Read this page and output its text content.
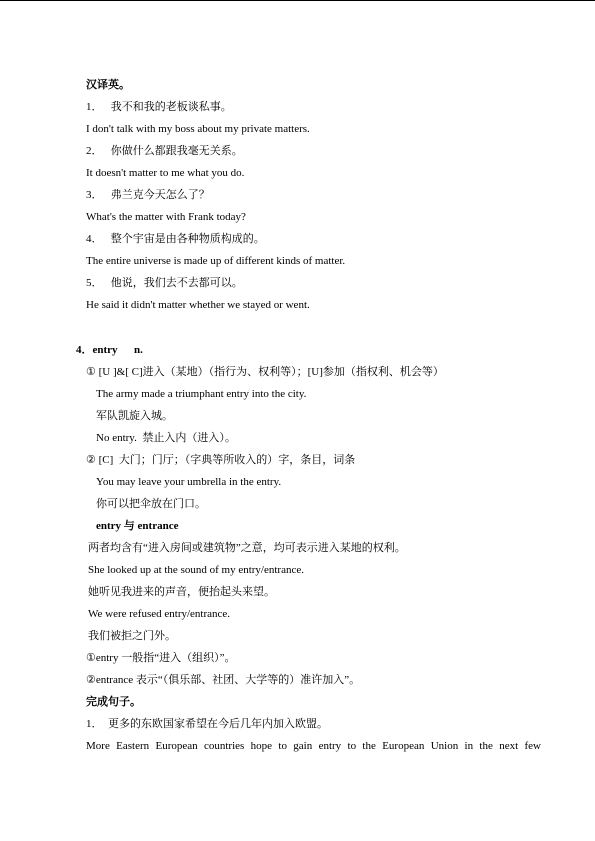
汉译英。
1． 我不和我的老板谈私事。
I don't talk with my boss about my private matters.
2． 你做什么都跟我毫无关系。
It doesn't matter to me what you do.
3． 弗兰克今天怎么了？
What's the matter with Frank today?
4． 整个宇宙是由各种物质构成的。
The entire universe is made up of different kinds of matter.
5． 他说，我们去不去都可以。
He said it didn't matter whether we stayed or went.
4．entry      n.
① [U ]&[ C]进入（某地）（指行为、权利等）；[U]参加（指权利、机会等）
The army made a triumphant entry into the city.
军队凯旋入城。
No entry.  禁止入内（进入）。
② [C]  大门；门厅；（字典等所收入的）字，条目，词条
You may leave your umbrella in the entry.
你可以把伞放在门口。
entry 与 entrance
两者均含有“进入房间或建筑物”之意，均可表示进入某地的权利。
She looked up at the sound of my entry/entrance.
她听见我进来的声音，便抬起头来望。
We were refused entry/entrance.
我们被拒之门外。
①entry 一般指“进入（组织）”。
②entrance 表示“（俱乐部、社团、大学等的）准许加入”。
完成句子。
1．  更多的东欧国家希望在今后几年内加入欧盟。
More Eastern European countries hope to gain entry to the European Union in the next few
